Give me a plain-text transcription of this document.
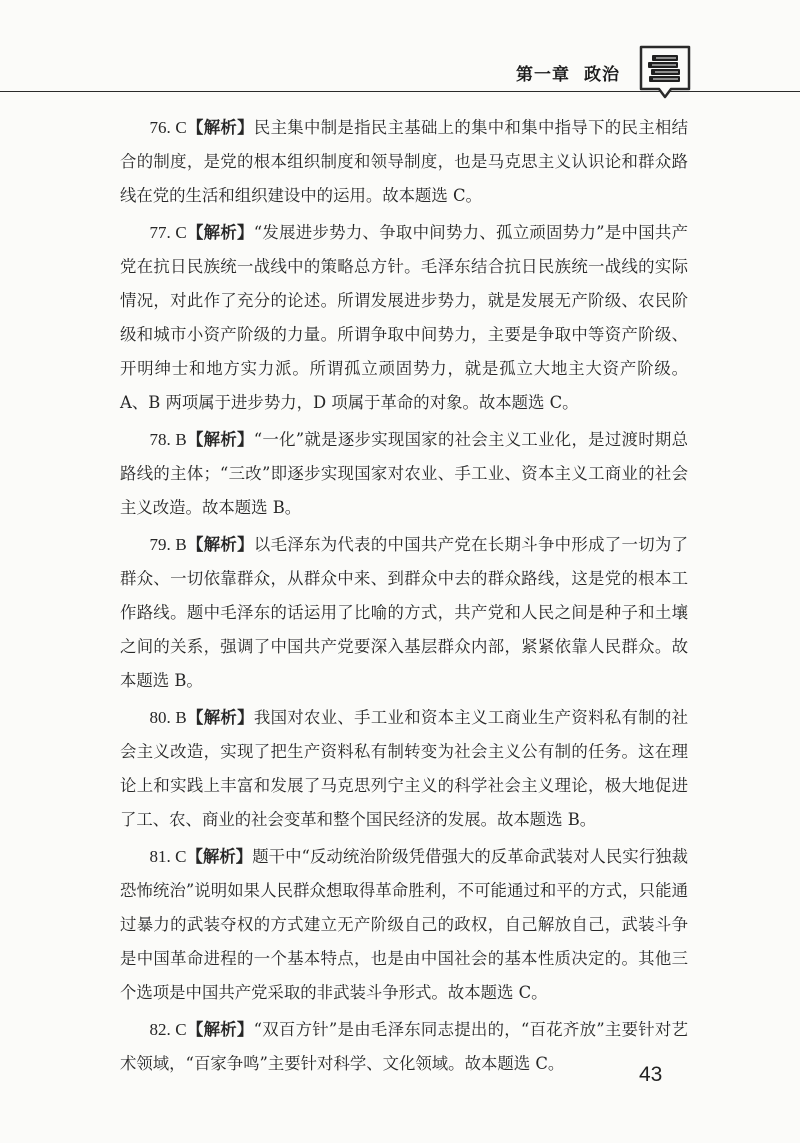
第一章 政治

76. C【解析】民主集中制是指民主基础上的集中和集中指导下的民主相结合的制度，是党的根本组织制度和领导制度，也是马克思主义认识论和群众路线在党的生活和组织建设中的运用。故本题选 C。

77. C【解析】“发展进步势力、争取中间势力、孤立顽固势力”是中国共产党在抗日民族统一战线中的策略总方针。毛泽东结合抗日民族统一战线的实际情况，对此作了充分的论述。所谓发展进步势力，就是发展无产阶级、农民阶级和城市小资产阶级的力量。所谓争取中间势力，主要是争取中等资产阶级、开明绅士和地方实力派。所谓孤立顽固势力，就是孤立大地主大资产阶级。A、B 两项属于进步势力，D 项属于革命的对象。故本题选 C。

78. B【解析】“一化”就是逐步实现国家的社会主义工业化，是过渡时期总路线的主体；“三改”即逐步实现国家对农业、手工业、资本主义工商业的社会主义改造。故本题选 B。

79. B【解析】以毛泽东为代表的中国共产党在长期斗争中形成了一切为了群众、一切依靠群众，从群众中来、到群众中去的群众路线，这是党的根本工作路线。题中毛泽东的话运用了比喻的方式，共产党和人民之间是种子和土壤之间的关系，强调了中国共产党要深入基层群众内部，紧紧依靠人民群众。故本题选 B。

80. B【解析】我国对农业、手工业和资本主义工商业生产资料私有制的社会主义改造，实现了把生产资料私有制转变为社会主义公有制的任务。这在理论上和实践上丰富和发展了马克思列宁主义的科学社会主义理论，极大地促进了工、农、商业的社会变革和整个国民经济的发展。故本题选 B。

81. C【解析】题干中“反动统治阶级凭借强大的反革命武装对人民实行独裁恐怖统治”说明如果人民群众想取得革命胜利，不可能通过和平的方式，只能通过暴力的武装夺权的方式建立无产阶级自己的政权，自己解放自己，武装斗争是中国革命进程的一个基本特点，也是由中国社会的基本性质决定的。其他三个选项是中国共产党采取的非武装斗争形式。故本题选 C。

82. C【解析】“双百方针”是由毛泽东同志提出的，“百花齐放”主要针对艺术领域，“百家争鸣”主要针对科学、文化领域。故本题选 C。	43
